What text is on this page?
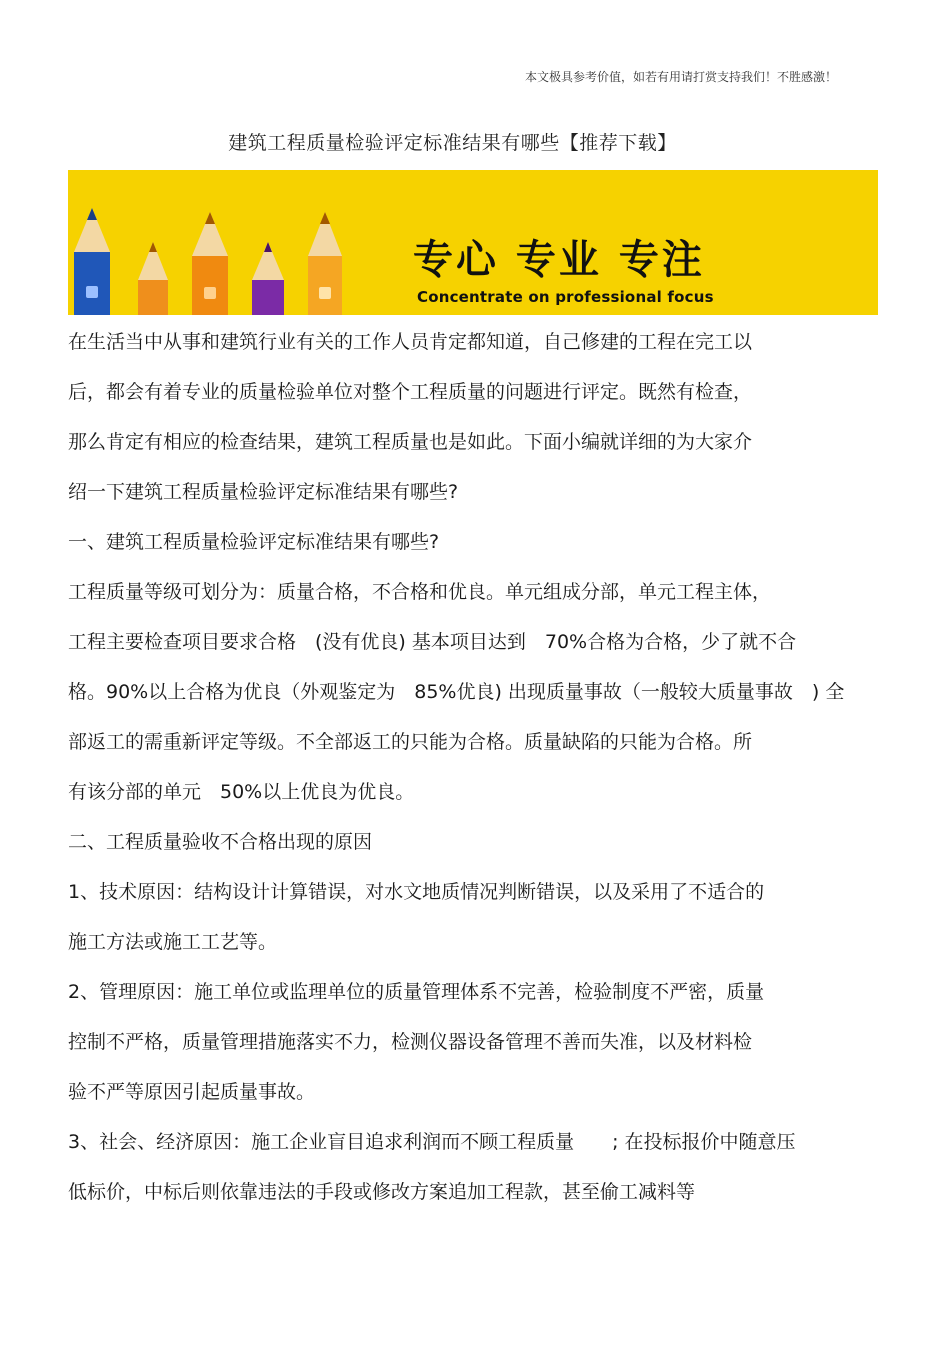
本文极具参考价值，如若有用请打赏支持我们！不胜感激！
建筑工程质量检验评定标准结果有哪些【推荐下载】
专心 专业 专注
Concentrate on professional focus

在生活当中从事和建筑行业有关的工作人员肯定都知道，自己修建的工程在完工以

后，都会有着专业的质量检验单位对整个工程质量的问题进行评定。既然有检查，

那么肯定有相应的检查结果，建筑工程质量也是如此。下面小编就详细的为大家介

绍一下建筑工程质量检验评定标准结果有哪些?

一、建筑工程质量检验评定标准结果有哪些?

工程质量等级可划分为：质量合格，不合格和优良。单元组成分部，单元工程主体，

工程主要检查项目要求合格　(没有优良) 基本项目达到　70%合格为合格，少了就不合

格。90%以上合格为优良（外观鉴定为　85%优良) 出现质量事故（一般较大质量事故　) 全

部返工的需重新评定等级。不全部返工的只能为合格。质量缺陷的只能为合格。所

有该分部的单元　50%以上优良为优良。

二、工程质量验收不合格出现的原因

1、技术原因：结构设计计算错误，对水文地质情况判断错误，以及采用了不适合的

施工方法或施工工艺等。

2、管理原因：施工单位或监理单位的质量管理体系不完善，检验制度不严密，质量

控制不严格，质量管理措施落实不力，检测仪器设备管理不善而失准，以及材料检

验不严等原因引起质量事故。

3、社会、经济原因：施工企业盲目追求利润而不顾工程质量　　; 在投标报价中随意压

低标价，中标后则依靠违法的手段或修改方案追加工程款，甚至偷工减料等
